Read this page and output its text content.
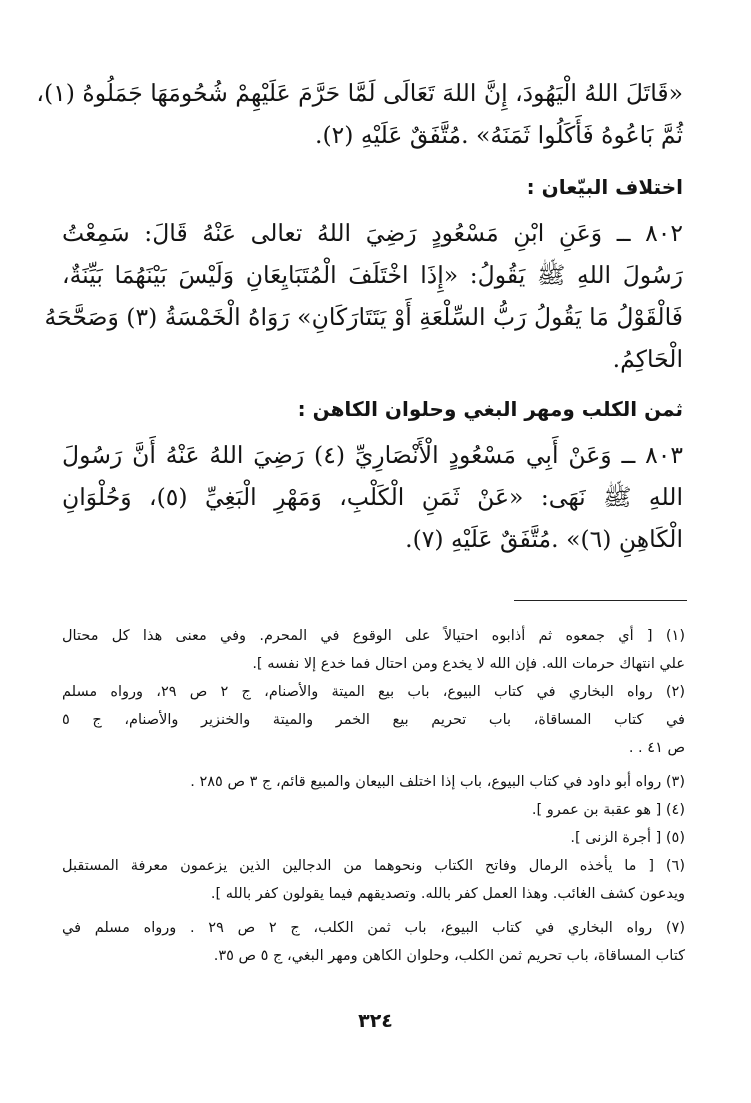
«قَاتَلَ اللهُ الْيَهُودَ، إِنَّ اللهَ تَعَالَى لَمَّا حَرَّمَ عَلَيْهِمْ شُحُومَهَا جَمَلُوهُ (١)،
ثُمَّ بَاعُوهُ فَأَكَلُوا ثَمَنَهُ» .مُتَّفَقٌ عَلَيْهِ (٢).
اختلاف البيّعان :
٨٠٢ ــ وَعَنِ ابْنِ مَسْعُودٍ رَضِيَ اللهُ تعالى عَنْهُ قَالَ: سَمِعْتُ
رَسُولَ اللهِ ﷺ يَقُولُ: «إِذَا اخْتَلَفَ الْمُتَبَايِعَانِ وَلَيْسَ بَيْنَهُمَا بَيِّنَةٌ،
فَالْقَوْلُ مَا يَقُولُ رَبُّ السِّلْعَةِ أَوْ يَتَتَارَكَانِ» رَوَاهُ الْخَمْسَةُ (٣) وَصَحَّحَهُ
الْحَاكِمُ.
ثمن الكلب ومهر البغي وحلوان الكاهن :
٨٠٣ ــ وَعَنْ أَبِي مَسْعُودٍ الْأَنْصَارِيِّ (٤) رَضِيَ اللهُ عَنْهُ أَنَّ رَسُولَ
اللهِ ﷺ نَهَى: «عَنْ ثَمَنِ الْكَلْبِ، وَمَهْرِ الْبَغِيِّ (٥)، وَحُلْوَانِ
الْكَاهِنِ (٦)» .مُتَّفَقٌ عَلَيْهِ (٧).
(١) [ أي جمعوه ثم أذابوه احتيالاً على الوقوع في المحرم. وفي معنى هذا كل محتال
علي انتهاك حرمات الله. فإن الله لا يخدع ومن احتال فما خدع إلا نفسه ].
(٢) رواه البخاري في كتاب البيوع، باب بيع الميتة والأصنام، ج ٢ ص ٢٩، ورواه مسلم
في كتاب المساقاة، باب تحريم بيع الخمر والميتة والخنزير والأصنام، ج ٥
ص ٤١ . .
(٣) رواه أبو داود في كتاب البيوع، باب إذا اختلف البيعان والمبيع قائم، ج ٣ ص ٢٨٥ .
(٤) [ هو عقبة بن عمرو ].
(٥) [ أجرة الزنى ].
(٦) [ ما يأخذه الرمال وفاتح الكتاب ونحوهما من الدجالين الذين يزعمون معرفة المستقبل
ويدعون كشف الغائب. وهذا العمل كفر بالله. وتصديقهم فيما يقولون كفر بالله ].
(٧) رواه البخاري في كتاب البيوع، باب ثمن الكلب، ج ٢ ص ٢٩ . ورواه مسلم في
كتاب المساقاة، باب تحريم ثمن الكلب، وحلوان الكاهن ومهر البغي، ج ٥ ص ٣٥.
٣٢٤
